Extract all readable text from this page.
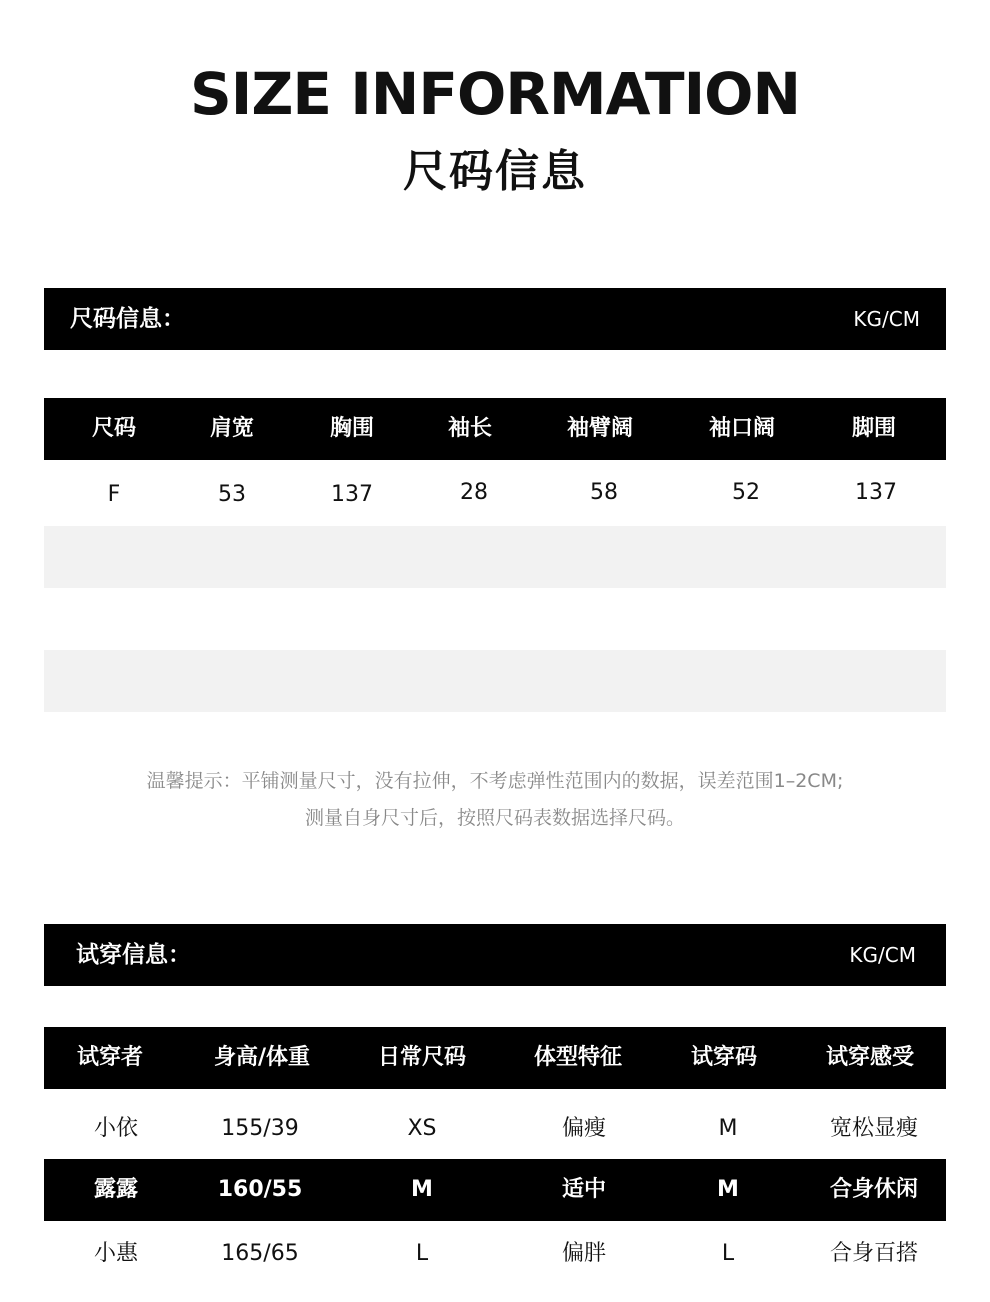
SIZE INFORMATION
尺码信息
尺码信息：	KG/CM
尺码	肩宽	胸围	袖长	袖臂阔	袖口阔	脚围
F	53	137	28	58	52	137
温馨提示：平铺测量尺寸，没有拉伸，不考虑弹性范围内的数据，误差范围1–2CM;
测量自身尺寸后，按照尺码表数据选择尺码。
试穿信息：	KG/CM
试穿者	身高/体重	日常尺码	体型特征	试穿码	试穿感受
小依	155/39	XS	偏瘦	M	宽松显瘦
露露	160/55	M	适中	M	合身休闲
小惠	165/65	L	偏胖	L	合身百搭
